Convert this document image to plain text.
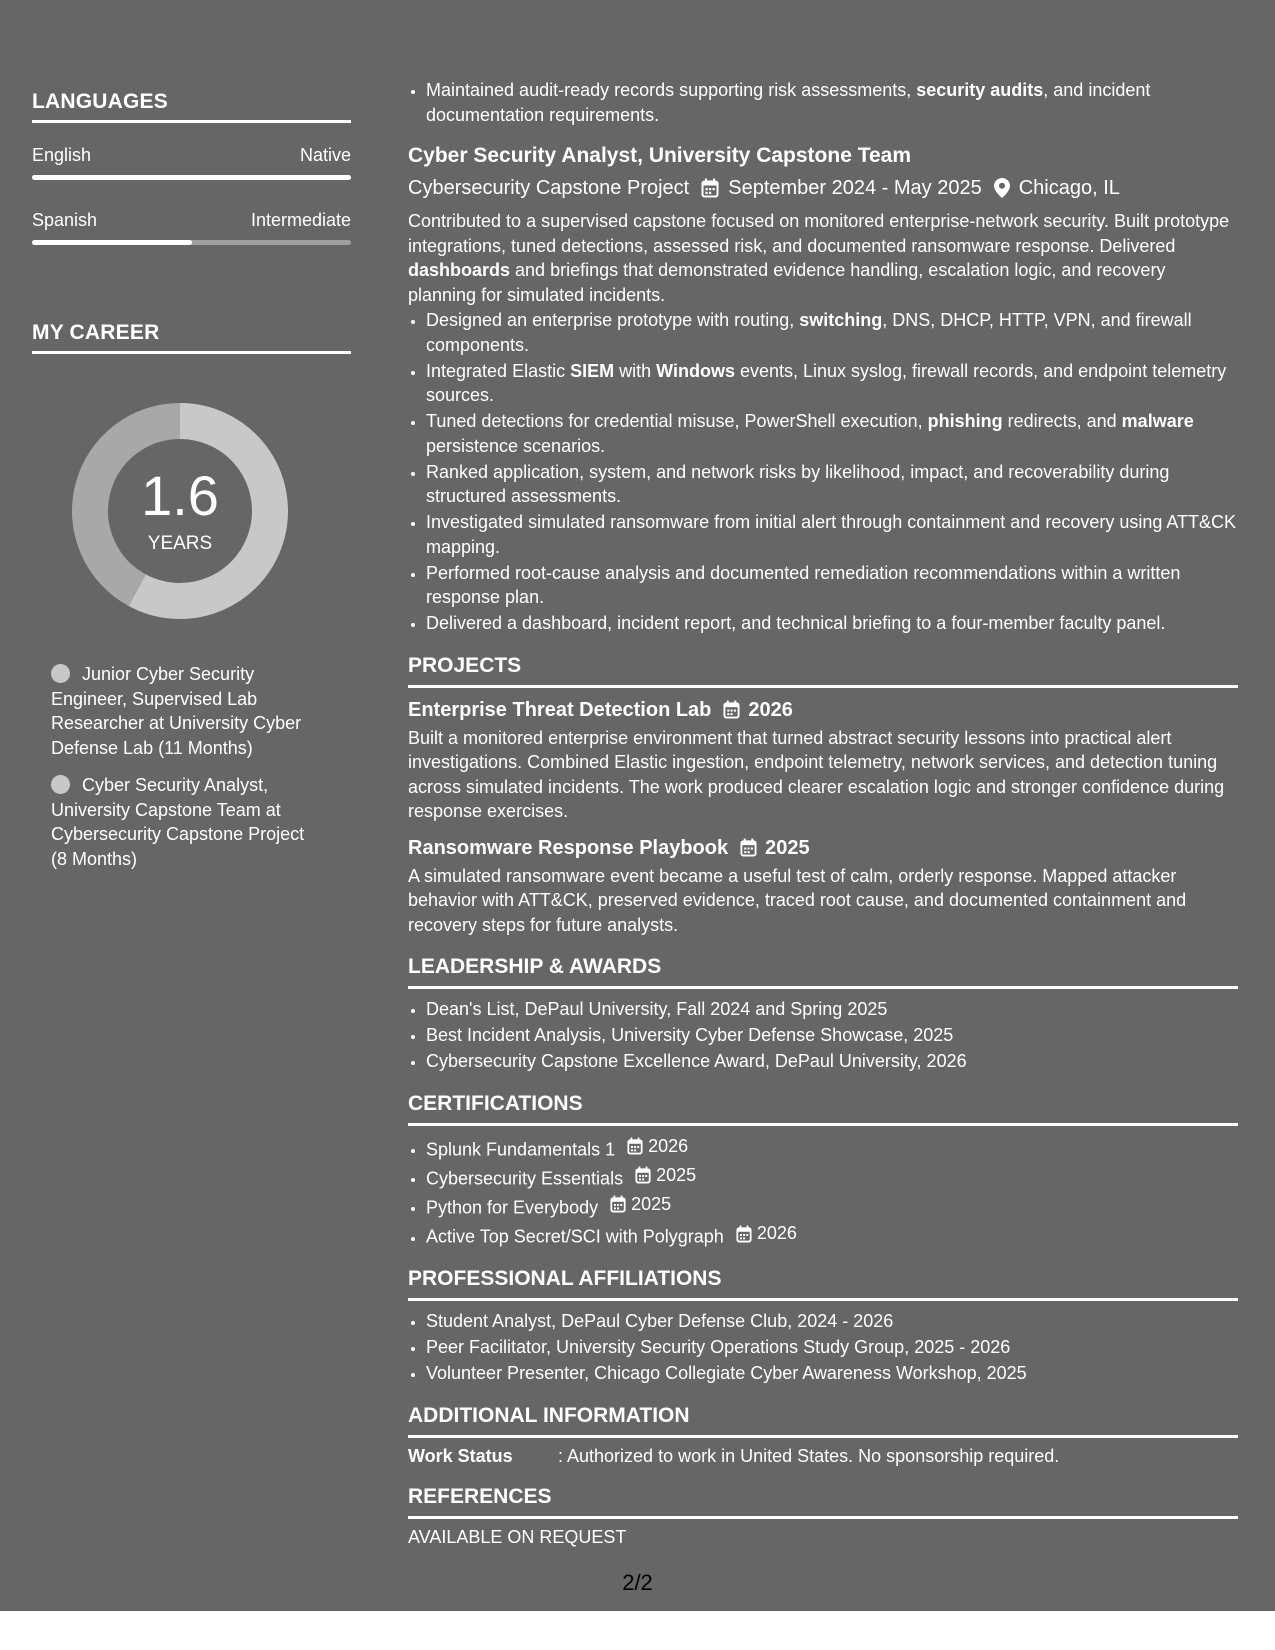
LANGUAGES
English	Native
Spanish	Intermediate
MY CAREER
1.6
YEARS
Junior Cyber Security Engineer, Supervised Lab Researcher at University Cyber Defense Lab (11 Months)
Cyber Security Analyst, University Capstone Team at Cybersecurity Capstone Project (8 Months)
• Maintained audit-ready records supporting risk assessments, security audits, and incident documentation requirements.
Cyber Security Analyst, University Capstone Team
Cybersecurity Capstone Project September 2024 - May 2025 Chicago, IL
Contributed to a supervised capstone focused on monitored enterprise-network security. Built prototype integrations, tuned detections, assessed risk, and documented ransomware response. Delivered dashboards and briefings that demonstrated evidence handling, escalation logic, and recovery planning for simulated incidents.
• Designed an enterprise prototype with routing, switching, DNS, DHCP, HTTP, VPN, and firewall components.
• Integrated Elastic SIEM with Windows events, Linux syslog, firewall records, and endpoint telemetry sources.
• Tuned detections for credential misuse, PowerShell execution, phishing redirects, and malware persistence scenarios.
• Ranked application, system, and network risks by likelihood, impact, and recoverability during structured assessments.
• Investigated simulated ransomware from initial alert through containment and recovery using ATT&CK mapping.
• Performed root-cause analysis and documented remediation recommendations within a written response plan.
• Delivered a dashboard, incident report, and technical briefing to a four-member faculty panel.
PROJECTS
Enterprise Threat Detection Lab 2026
Built a monitored enterprise environment that turned abstract security lessons into practical alert investigations. Combined Elastic ingestion, endpoint telemetry, network services, and detection tuning across simulated incidents. The work produced clearer escalation logic and stronger confidence during response exercises.
Ransomware Response Playbook 2025
A simulated ransomware event became a useful test of calm, orderly response. Mapped attacker behavior with ATT&CK, preserved evidence, traced root cause, and documented containment and recovery steps for future analysts.
LEADERSHIP & AWARDS
• Dean's List, DePaul University, Fall 2024 and Spring 2025
• Best Incident Analysis, University Cyber Defense Showcase, 2025
• Cybersecurity Capstone Excellence Award, DePaul University, 2026
CERTIFICATIONS
• Splunk Fundamentals 1 2026
• Cybersecurity Essentials 2025
• Python for Everybody 2025
• Active Top Secret/SCI with Polygraph 2026
PROFESSIONAL AFFILIATIONS
• Student Analyst, DePaul Cyber Defense Club, 2024 - 2026
• Peer Facilitator, University Security Operations Study Group, 2025 - 2026
• Volunteer Presenter, Chicago Collegiate Cyber Awareness Workshop, 2025
ADDITIONAL INFORMATION
Work Status	: Authorized to work in United States. No sponsorship required.
REFERENCES
AVAILABLE ON REQUEST
2/2
